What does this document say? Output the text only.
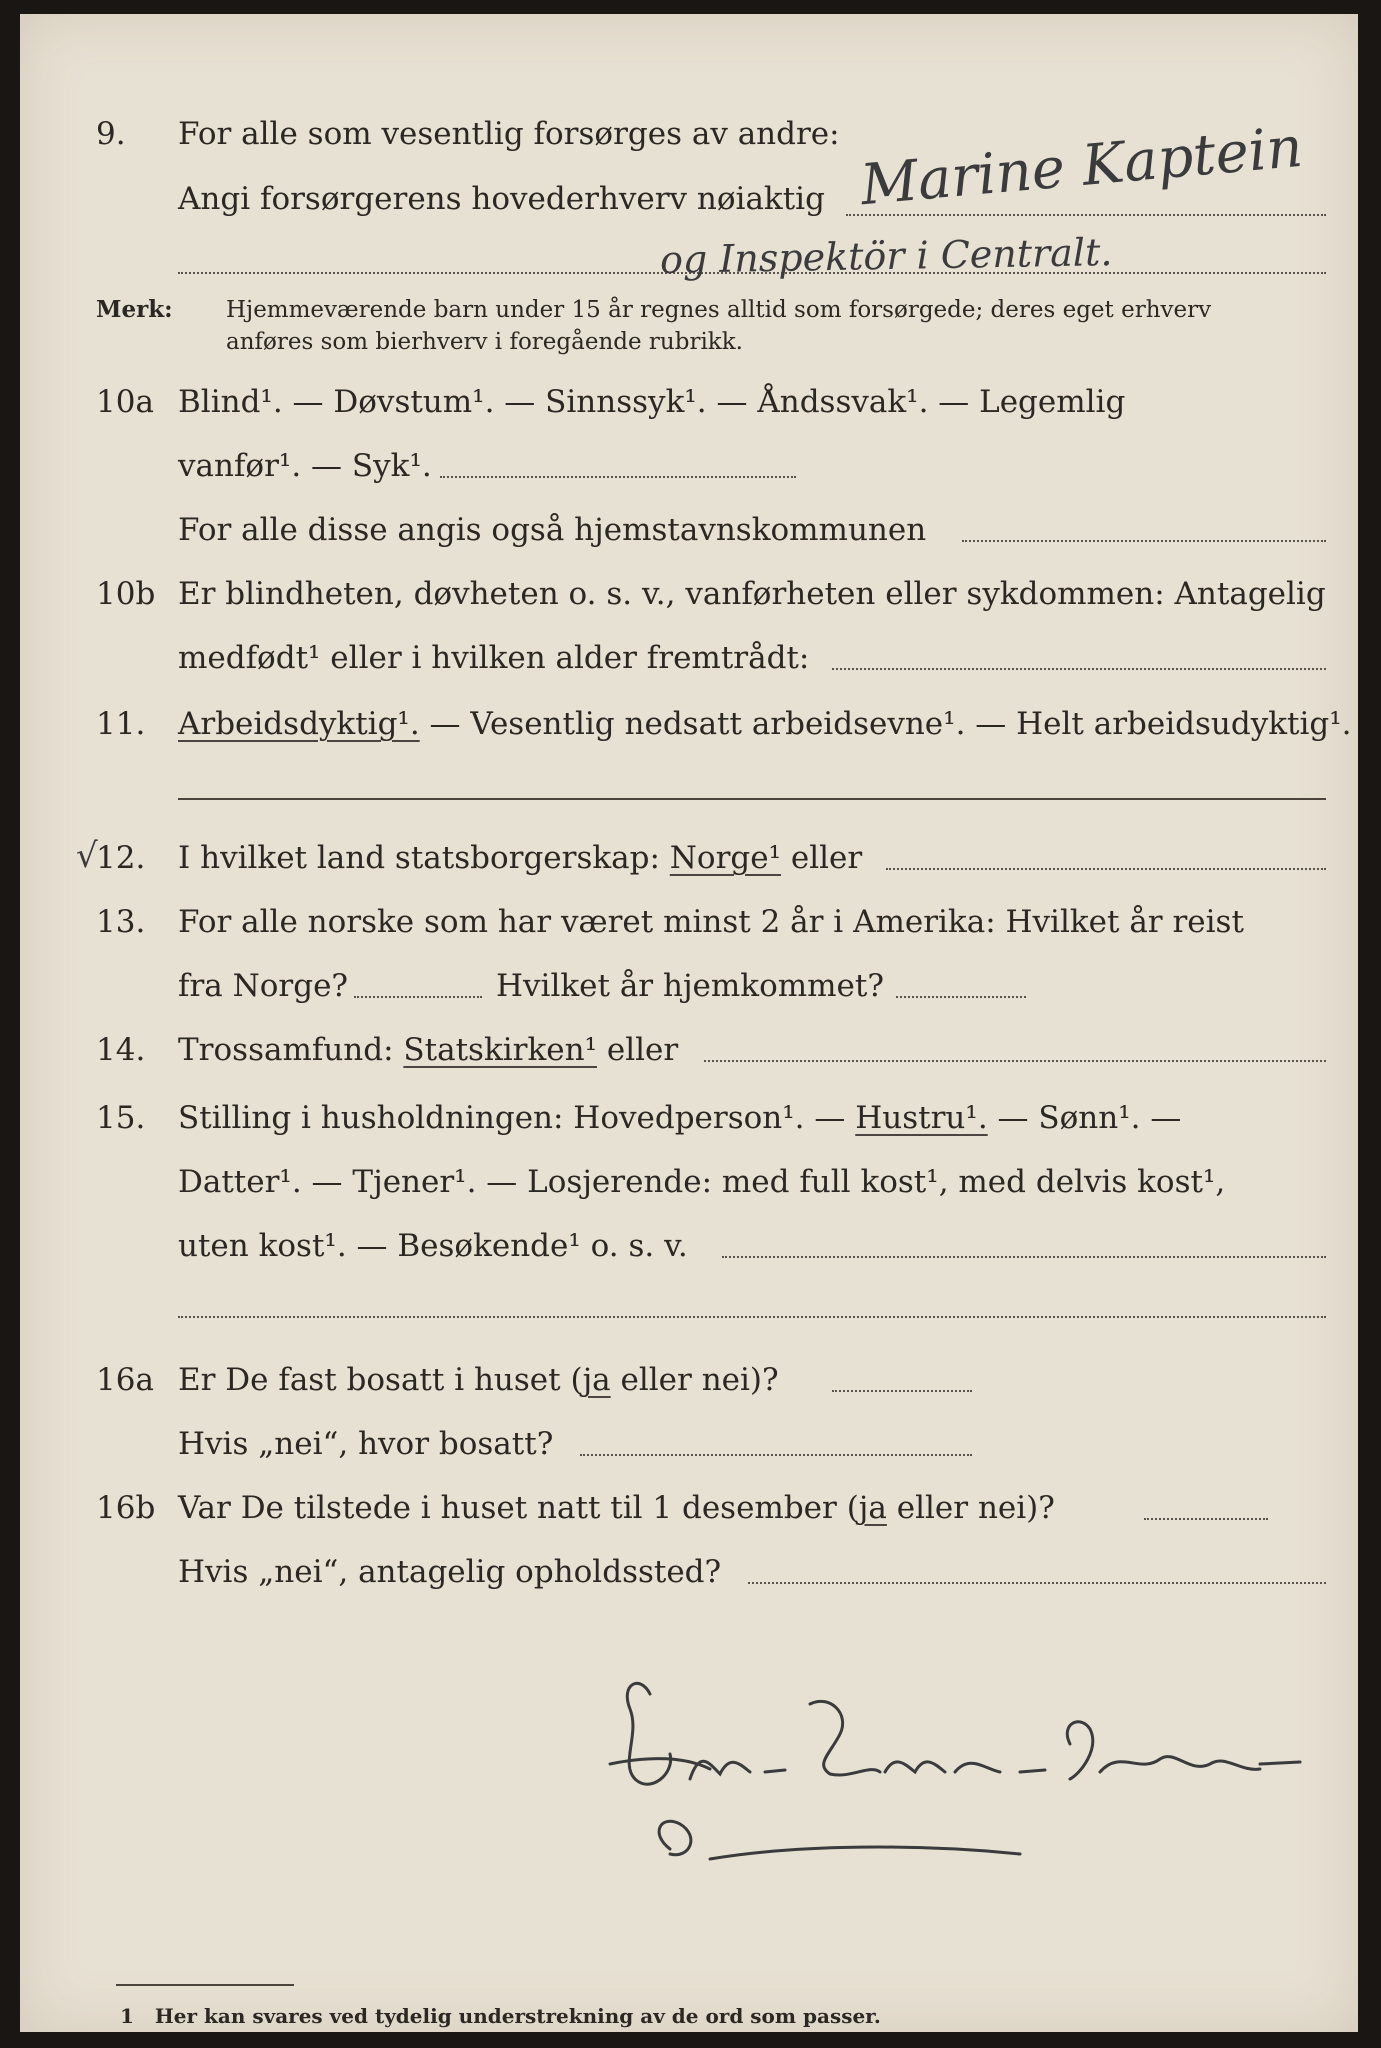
9. For alle som vesentlig forsørges av andre:
Angi forsørgerens hovederhverv nøiaktig Marine Kaptein
og Inspektör i Centralt.
Merk: Hjemmeværende barn under 15 år regnes alltid som forsørgede; deres eget erhverv
anføres som bierhverv i foregående rubrikk.
10a Blind¹. — Døvstum¹. — Sinnssyk¹. — Åndssvak¹. — Legemlig
vanfør¹. — Syk¹.
For alle disse angis også hjemstavnskommunen
10b Er blindheten, døvheten o. s. v., vanførheten eller sykdommen: Antagelig
medfødt¹ eller i hvilken alder fremtrådt:
11. Arbeidsdyktig¹. — Vesentlig nedsatt arbeidsevne¹. — Helt arbeidsudyktig¹.
√
12. I hvilket land statsborgerskap: Norge¹ eller
13. For alle norske som har været minst 2 år i Amerika: Hvilket år reist
fra Norge?	Hvilket år hjemkommet?
14. Trossamfund: Statskirken¹ eller
15. Stilling i husholdningen: Hovedperson¹. — Hustru¹. — Sønn¹. —
Datter¹. — Tjener¹. — Losjerende: med full kost¹, med delvis kost¹,
uten kost¹. — Besøkende¹ o. s. v.
16a Er De fast bosatt i huset (ja eller nei)?
Hvis „nei“, hvor bosatt?
16b Var De tilstede i huset natt til 1 desember (ja eller nei)?
Hvis „nei“, antagelig opholdssted?
1 Her kan svares ved tydelig understrekning av de ord som passer.
